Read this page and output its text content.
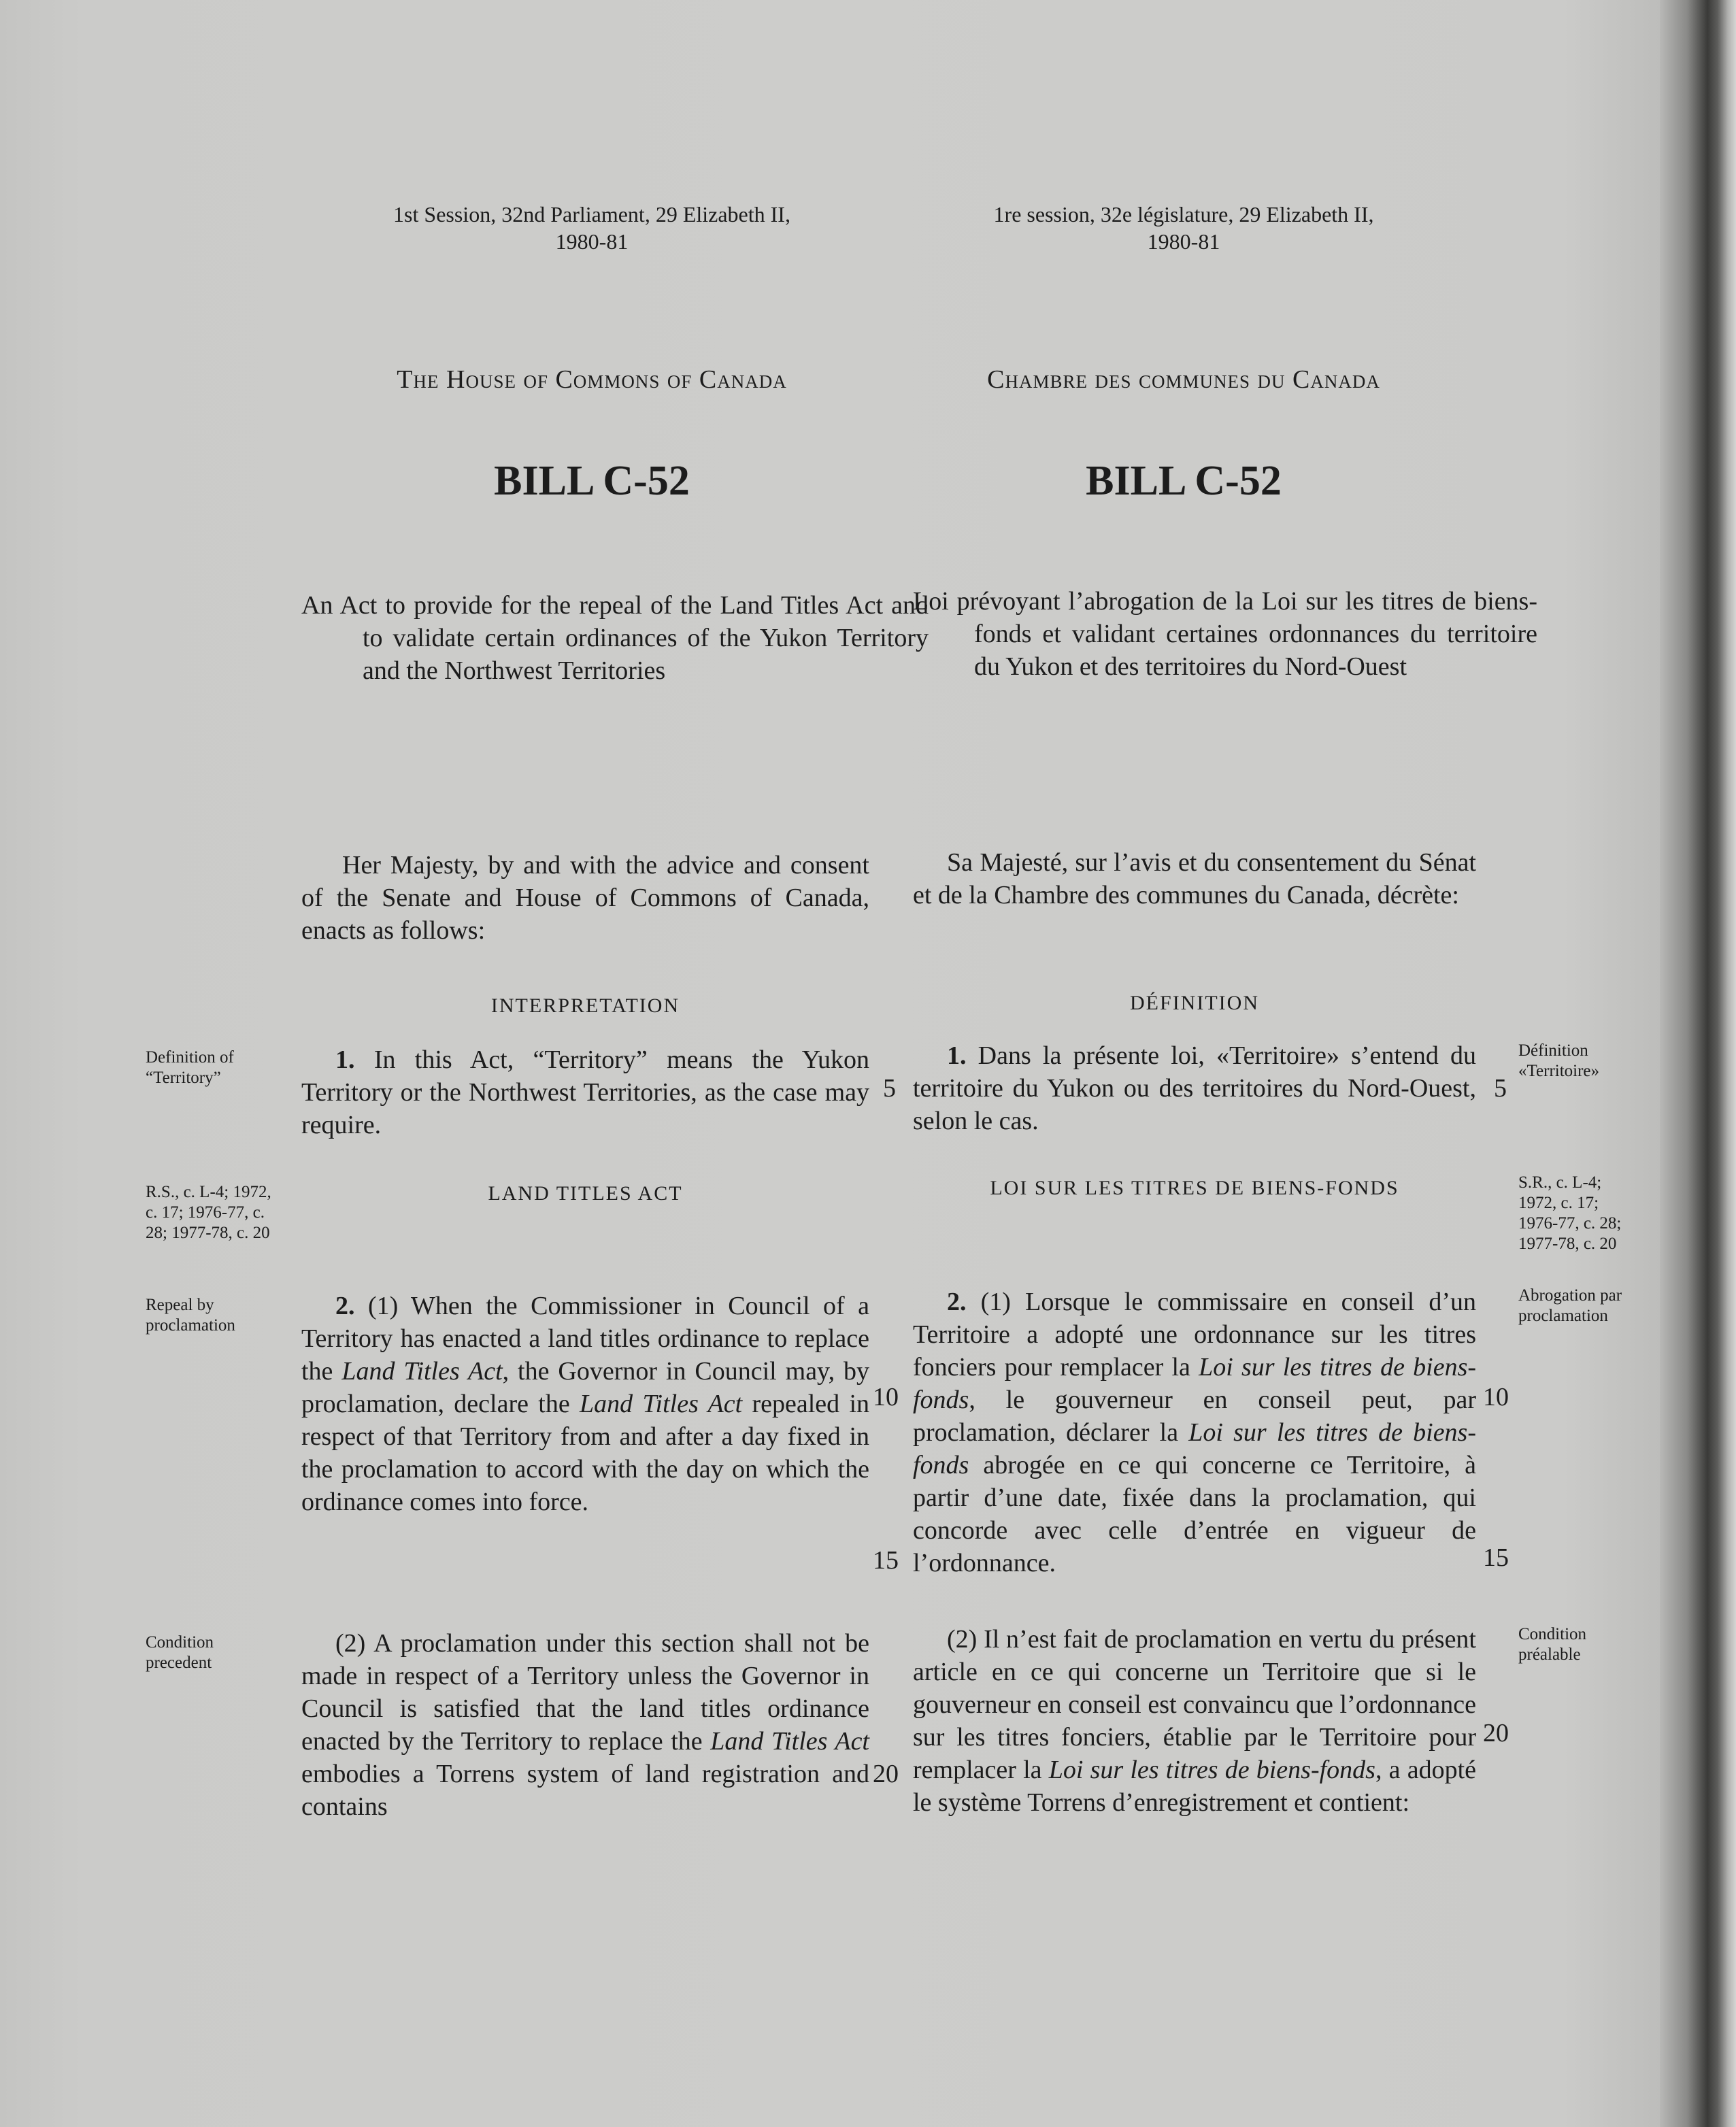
1st Session, 32nd Parliament, 29 Elizabeth II,
1980-81
1re session, 32e législature, 29 Elizabeth II,
1980-81
The House of Commons of Canada	Chambre des communes du Canada
BILL C-52	BILL C-52
An Act to provide for the repeal of the Land Titles Act and to validate certain ordinances of the Yukon Territory and the Northwest Territories
Loi prévoyant l’abrogation de la Loi sur les titres de biens-fonds et validant certaines ordonnances du territoire du Yukon et des territoires du Nord-Ouest
Her Majesty, by and with the advice and consent of the Senate and House of Commons of Canada, enacts as follows:
Sa Majesté, sur l’avis et du consentement du Sénat et de la Chambre des communes du Canada, décrète:
INTERPRETATION	DÉFINITION
Definition of “Territory”
R.S., c. L-4; 1972, c. 17; 1976-77, c. 28; 1977-78, c. 20
Repeal by proclamation
Condition precedent
Définition «Territoire»
S.R., c. L-4; 1972, c. 17; 1976-77, c. 28; 1977-78, c. 20
Abrogation par proclamation
Condition préalable
1. In this Act, “Territory” means the Yukon Territory or the Northwest Territories, as the case may require.
1. Dans la présente loi, «Territoire» s’entend du territoire du Yukon ou des territoires du Nord-Ouest, selon le cas.
LAND TITLES ACT	LOI SUR LES TITRES DE BIENS-FONDS
2. (1) When the Commissioner in Council of a Territory has enacted a land titles ordinance to replace the Land Titles Act, the Governor in Council may, by proclamation, declare the Land Titles Act repealed in respect of that Territory from and after a day fixed in the proclamation to accord with the day on which the ordinance comes into force.
2. (1) Lorsque le commissaire en conseil d’un Territoire a adopté une ordonnance sur les titres fonciers pour remplacer la Loi sur les titres de biens-fonds, le gouverneur en conseil peut, par proclamation, déclarer la Loi sur les titres de biens-fonds abrogée en ce qui concerne ce Territoire, à partir d’une date, fixée dans la proclamation, qui concorde avec celle d’entrée en vigueur de l’ordonnance.
(2) A proclamation under this section shall not be made in respect of a Territory unless the Governor in Council is satisfied that the land titles ordinance enacted by the Territory to replace the Land Titles Act embodies a Torrens system of land registration and contains
(2) Il n’est fait de proclamation en vertu du présent article en ce qui concerne un Territoire que si le gouverneur en conseil est convaincu que l’ordonnance sur les titres fonciers, établie par le Territoire pour remplacer la Loi sur les titres de biens-fonds, a adopté le système Torrens d’enregistrement et contient:
5
10
15
20
5
10
15
20
